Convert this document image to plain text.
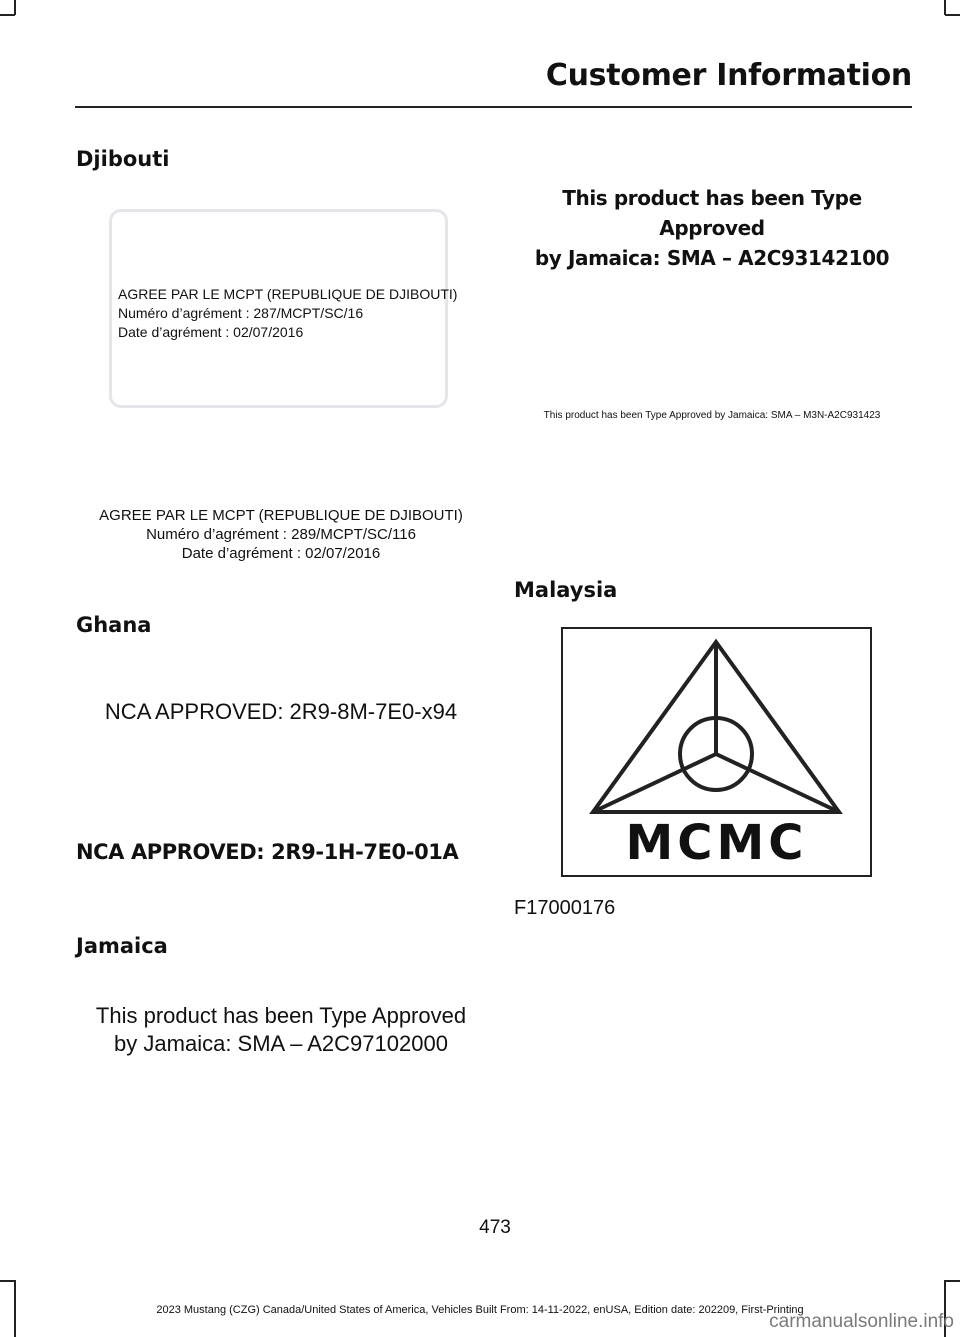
Customer Information
Djibouti
AGREE PAR LE MCPT (REPUBLIQUE DE DJIBOUTI)
Numéro d’agrément : 287/MCPT/SC/16
Date d’agrément : 02/07/2016
AGREE PAR LE MCPT (REPUBLIQUE DE DJIBOUTI)
Numéro d’agrément : 289/MCPT/SC/116
Date d’agrément : 02/07/2016
Ghana
NCA APPROVED: 2R9-8M-7E0-x94
NCA APPROVED: 2R9-1H-7E0-01A
Jamaica
This product has been Type Approved
by Jamaica: SMA – A2C97102000
This product has been Type Approved
by Jamaica: SMA – A2C93142100
This product has been Type Approved by Jamaica: SMA – M3N-A2C931423
Malaysia
MCMC
F17000176
473
2023 Mustang (CZG) Canada/United States of America, Vehicles Built From: 14-11-2022, enUSA, Edition date: 202209, First-Printing
carmanualsonline.info
